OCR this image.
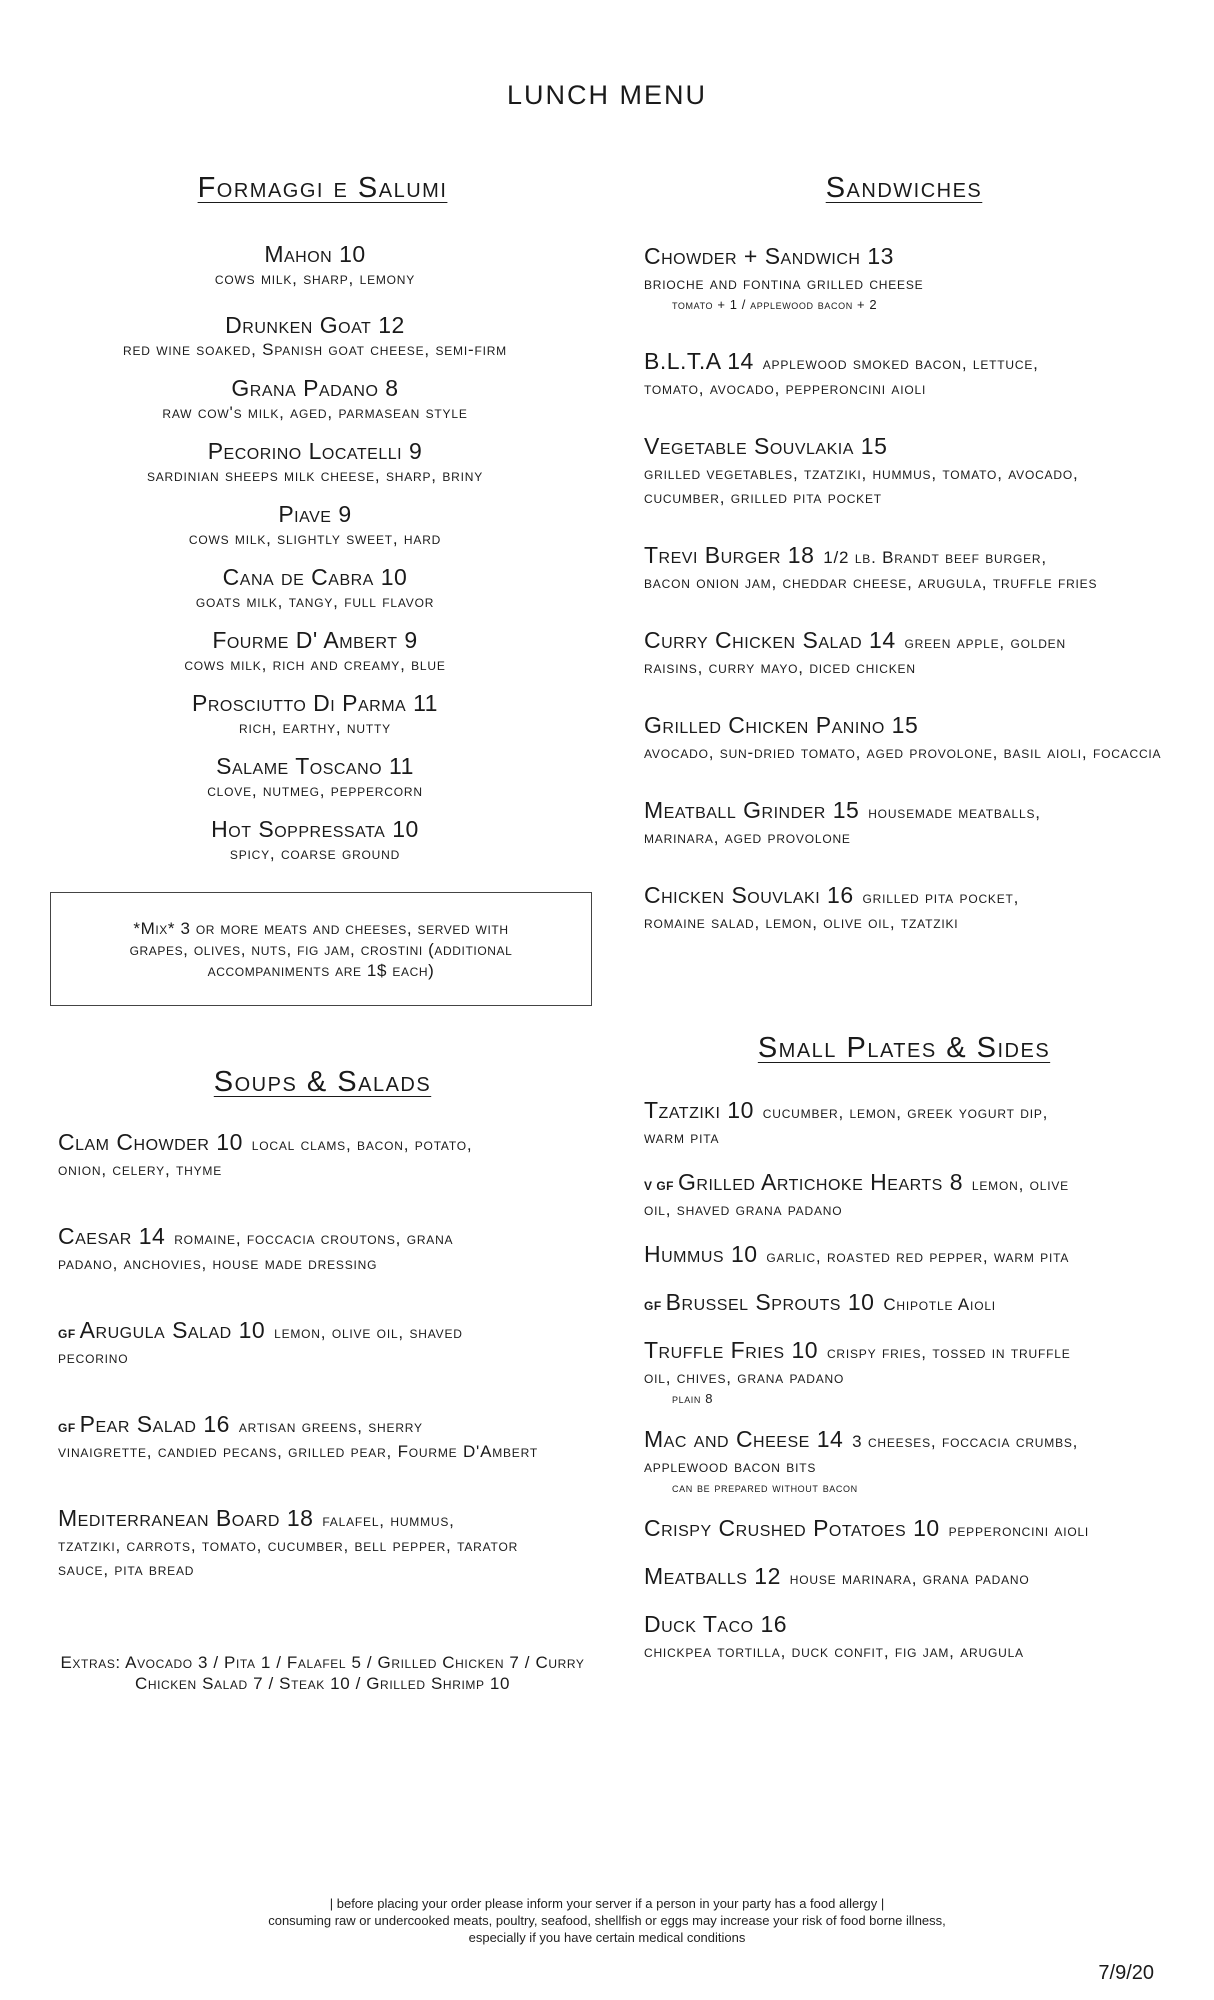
LUNCH MENU
Formaggi e Salumi
Mahon 10
cows milk, sharp, lemony
Drunken Goat 12
red wine soaked, Spanish goat cheese, semi-firm
Grana Padano 8
raw cow's milk, aged, parmasean style
Pecorino Locatelli 9
sardinian sheeps milk cheese, sharp, briny
Piave 9
cows milk, slightly sweet, hard
Cana de Cabra 10
goats milk, tangy, full flavor
Fourme D' Ambert 9
cows milk, rich and creamy, blue
Prosciutto Di Parma 11
rich, earthy, nutty
Salame Toscano 11
clove, nutmeg, peppercorn
Hot Soppressata 10
spicy, coarse ground
*Mix* 3 or more meats and cheeses, served with grapes, olives, nuts, fig jam, crostini (additional accompaniments are 1$ each)
Sandwiches
Chowder + Sandwich 13
brioche and fontina grilled cheese
tomato + 1 / applewood bacon + 2
B.L.T.A 14 applewood smoked bacon, lettuce,
tomato, avocado, pepperoncini aioli
Vegetable Souvlakia 15
grilled vegetables, tzatziki, hummus, tomato, avocado, cucumber, grilled pita pocket
Trevi Burger 18 1/2 lb. Brandt beef burger,
bacon onion jam, cheddar cheese, arugula, truffle fries
Curry Chicken Salad 14 green apple, golden
raisins, curry mayo, diced chicken
Grilled Chicken Panino 15
avocado, sun-dried tomato, aged provolone, basil aioli, focaccia
Meatball Grinder 15 housemade meatballs,
marinara, aged provolone
Chicken Souvlaki 16 grilled pita pocket,
romaine salad, lemon, olive oil, tzatziki
Soups & Salads
Clam Chowder 10 local clams, bacon, potato,
onion, celery, thyme
Caesar 14 romaine, foccacia croutons, grana
padano, anchovies, house made dressing
GF Arugula Salad 10 lemon, olive oil, shaved
pecorino
GF Pear Salad 16 artisan greens, sherry
vinaigrette, candied pecans, grilled pear, Fourme D'Ambert
Mediterranean Board 18 falafel, hummus,
tzatziki, carrots, tomato, cucumber, bell pepper, tarator sauce, pita bread
Extras: Avocado 3 / Pita 1 / Falafel 5 / Grilled Chicken 7 / Curry Chicken Salad 7 / Steak 10 / Grilled Shrimp 10
Small Plates & Sides
Tzatziki 10 cucumber, lemon, greek yogurt dip,
warm pita
V GF Grilled Artichoke Hearts 8 lemon, olive
oil, shaved grana padano
Hummus 10 garlic, roasted red pepper, warm pita
GF Brussel Sprouts 10 Chipotle Aioli
Truffle Fries 10 crispy fries, tossed in truffle
oil, chives, grana padano
plain 8
Mac and Cheese 14 3 cheeses, foccacia crumbs,
applewood bacon bits
can be prepared without bacon
Crispy Crushed Potatoes 10 pepperoncini aioli
Meatballs 12 house marinara, grana padano
Duck Taco 16
chickpea tortilla, duck confit, fig jam, arugula
| before placing your order please inform your server if a person in your party has a food allergy |
consuming raw or undercooked meats, poultry, seafood, shellfish or eggs may increase your risk of food borne illness,
especially if you have certain medical conditions
7/9/20
